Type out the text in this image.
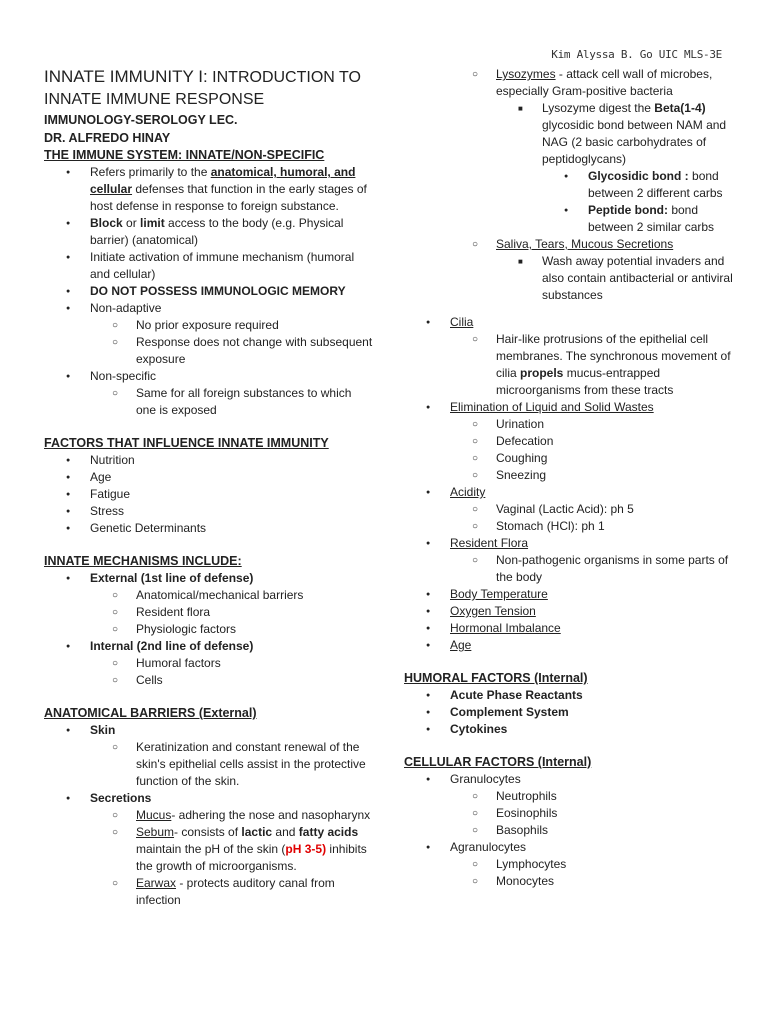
Kim Alyssa B. Go UIC MLS-3E
INNATE IMMUNITY I: INTRODUCTION TO
INNATE IMMUNE RESPONSE

IMMUNOLOGY-SEROLOGY LEC.

DR. ALFREDO HINAY

THE IMMUNE SYSTEM: INNATE/NON-SPECIFIC

● Refers primarily to the anatomical, humoral, and cellular defenses that function in the early stages of host defense in response to foreign substance.
● Block or limit access to the body (e.g. Physical barrier) (anatomical)
● Initiate activation of immune mechanism (humoral and cellular)
● DO NOT POSSESS IMMUNOLOGIC MEMORY
● Non-adaptive
○ No prior exposure required
○ Response does not change with subsequent exposure
● Non-specific
○ Same for all foreign substances to which one is exposed

FACTORS THAT INFLUENCE INNATE IMMUNITY

● Nutrition
● Age
● Fatigue
● Stress
● Genetic Determinants

INNATE MECHANISMS INCLUDE:

● External (1st line of defense)
○ Anatomical/mechanical barriers
○ Resident flora
○ Physiologic factors
● Internal (2nd line of defense)
○ Humoral factors
○ Cells

ANATOMICAL BARRIERS (External)

● Skin
○ Keratinization and constant renewal of the skin's epithelial cells assist in the protective function of the skin.
● Secretions
○ Mucus- adhering the nose and nasopharynx
○ Sebum- consists of lactic and fatty acids maintain the pH of the skin (pH 3-5) inhibits the growth of microorganisms.
○ Earwax - protects auditory canal from infection
○ Lysozymes - attack cell wall of microbes, especially Gram-positive bacteria
■ Lysozyme digest the Beta(1-4) glycosidic bond between NAM and NAG (2 basic carbohydrates of peptidoglycans)
● Glycosidic bond : bond between 2 different carbs
● Peptide bond: bond between 2 similar carbs
○ Saliva, Tears, Mucous Secretions
■ Wash away potential invaders and also contain antibacterial or antiviral substances
● Cilia
○ Hair-like protrusions of the epithelial cell membranes. The synchronous movement of cilia propels mucus-entrapped microorganisms from these tracts
● Elimination of Liquid and Solid Wastes
○ Urination
○ Defecation
○ Coughing
○ Sneezing
● Acidity
○ Vaginal (Lactic Acid): ph 5
○ Stomach (HCl): ph 1
● Resident Flora
○ Non-pathogenic organisms in some parts of the body
● Body Temperature
● Oxygen Tension
● Hormonal Imbalance
● Age

HUMORAL FACTORS (Internal)

● Acute Phase Reactants
● Complement System
● Cytokines

CELLULAR FACTORS (Internal)

● Granulocytes
○ Neutrophils
○ Eosinophils
○ Basophils
● Agranulocytes
○ Lymphocytes
○ Monocytes
